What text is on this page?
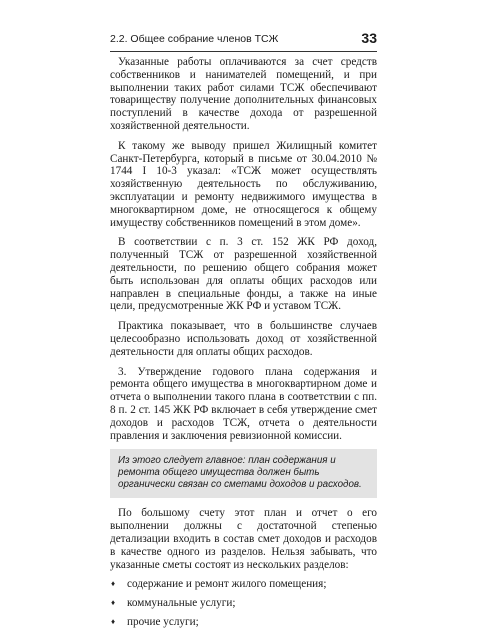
2.2. Общее собрание членов ТСЖ	33

Указанные работы оплачиваются за счет средств собственников и нанимателей помещений, и при выполнении таких работ силами ТСЖ обеспечивают товариществу получение дополнительных финансовых поступлений в качестве дохода от разрешенной хозяйственной деятельности.

К такому же выводу пришел Жилищный комитет Санкт-Петербурга, который в письме от 30.04.2010 № 1744 I 10-3 указал: «ТСЖ может осуществлять хозяйственную деятельность по обслуживанию, эксплуатации и ремонту недвижимого имущества в многоквартирном доме, не относящегося к общему имуществу собственников помещений в этом доме».

В соответствии с п. 3 ст. 152 ЖК РФ доход, полученный ТСЖ от разрешенной хозяйственной деятельности, по решению общего собрания может быть использован для оплаты общих расходов или направлен в специальные фонды, а также на иные цели, предусмотренные ЖК РФ и уставом ТСЖ.

Практика показывает, что в большинстве случаев целесообразно использовать доход от хозяйственной деятельности для оплаты общих расходов.

3. Утверждение годового плана содержания и ремонта общего имущества в многоквартирном доме и отчета о выполнении такого плана в соответствии с пп. 8 п. 2 ст. 145 ЖК РФ включает в себя утверждение смет доходов и расходов ТСЖ, отчета о деятельности правления и заключения ревизионной комиссии.

Из этого следует главное: план содержания и ремонта общего имущества должен быть органически связан со сметами доходов и расходов.

По большому счету этот план и отчет о его выполнении должны с достаточной степенью детализации входить в состав смет доходов и расходов в качестве одного из разделов. Нельзя забывать, что указанные сметы состоят из нескольких разделов:

♦ содержание и ремонт жилого помещения;
♦ коммунальные услуги;
♦ прочие услуги;
